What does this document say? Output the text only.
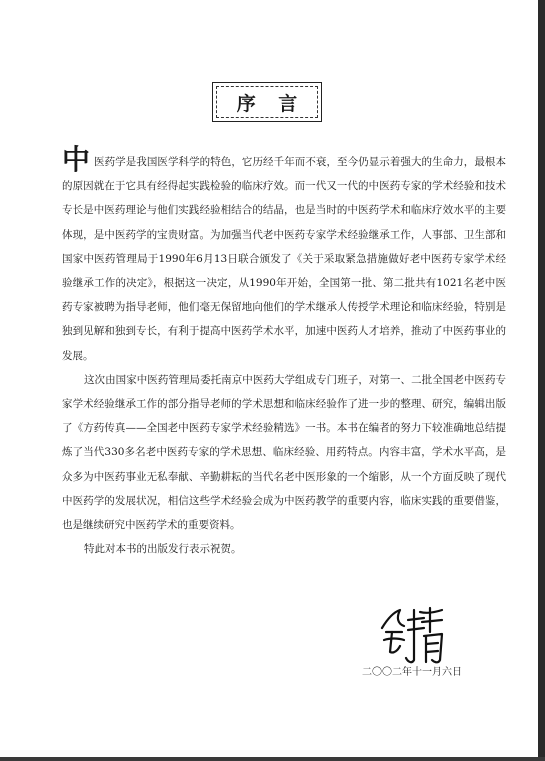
序 言

中 医药学是我国医学科学的特色，它历经千年而不衰，至今仍显示着强大的生命力，最根本的原因就在于它具有经得起实践检验的临床疗效。而一代又一代的中医药专家的学术经验和技术专长是中医药理论与他们实践经验相结合的结晶，也是当时的中医药学术和临床疗效水平的主要体现，是中医药学的宝贵财富。为加强当代老中医药专家学术经验继承工作，人事部、卫生部和国家中医药管理局于1990年6月13日联合颁发了《关于采取紧急措施做好老中医药专家学术经验继承工作的决定》，根据这一决定，从1990年开始，全国第一批、第二批共有1021名老中医药专家被聘为指导老师，他们毫无保留地向他们的学术继承人传授学术理论和临床经验，特别是独到见解和独到专长，有利于提高中医药学术水平，加速中医药人才培养，推动了中医药事业的发展。

这次由国家中医药管理局委托南京中医药大学组成专门班子，对第一、二批全国老中医药专家学术经验继承工作的部分指导老师的学术思想和临床经验作了进一步的整理、研究，编辑出版了《方药传真——全国老中医药专家学术经验精选》一书。本书在编者的努力下较准确地总结提炼了当代330多名老中医药专家的学术思想、临床经验、用药特点。内容丰富，学术水平高，是众多为中医药事业无私奉献、辛勤耕耘的当代名老中医形象的一个缩影，从一个方面反映了现代中医药学的发展状况，相信这些学术经验会成为中医药教学的重要内容，临床实践的重要借鉴，也是继续研究中医药学术的重要资料。

特此对本书的出版发行表示祝贺。

二〇〇二年十一月六日
